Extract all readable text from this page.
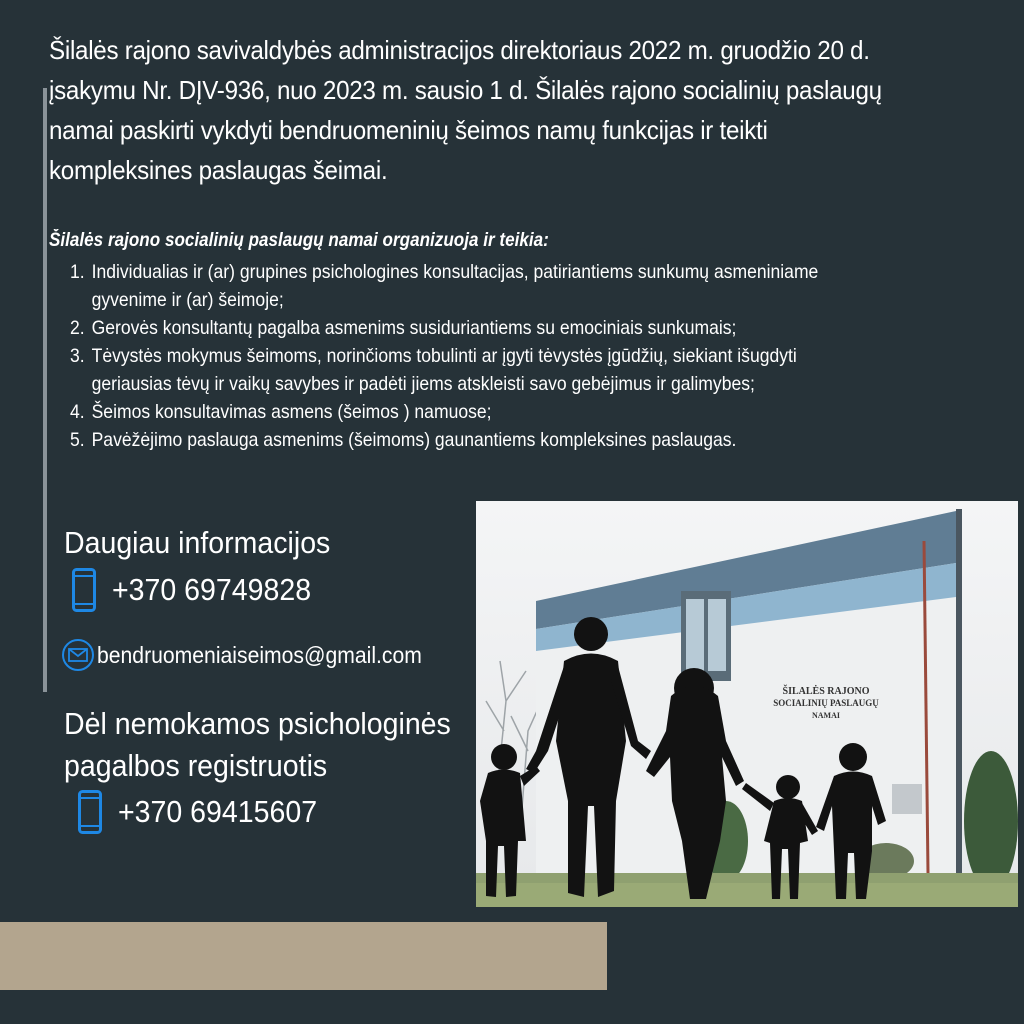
Šilalės rajono savivaldybės administracijos direktoriaus 2022 m. gruodžio 20 d.
įsakymu Nr. DĮV-936, nuo 2023 m. sausio 1 d. Šilalės rajono socialinių paslaugų
namai paskirti vykdyti bendruomeninių šeimos namų funkcijas ir teikti
kompleksines paslaugas šeimai.
Šilalės rajono socialinių paslaugų namai organizuoja ir teikia:
1. Individualias ir (ar) grupines psichologines konsultacijas, patiriantiems sunkumų asmeniniame
gyvenime ir (ar) šeimoje;
2. Gerovės konsultantų pagalba asmenims susiduriantiems su emociniais sunkumais;
3. Tėvystės mokymus šeimoms, norinčioms tobulinti ar įgyti tėvystės įgūdžių, siekiant išugdyti
geriausias tėvų ir vaikų savybes ir padėti jiems atskleisti savo gebėjimus ir galimybes;
4. Šeimos konsultavimas asmens (šeimos ) namuose;
5. Pavėžėjimo paslauga asmenims (šeimoms) gaunantiems kompleksines paslaugas.
Daugiau informacijos
+370 69749828
bendruomeniaiseimos@gmail.com
Dėl nemokamos psichologinės
pagalbos registruotis
+370 69415607
ŠILALĖS RAJONO
SOCIALINIŲ PASLAUGŲ
NAMAI
